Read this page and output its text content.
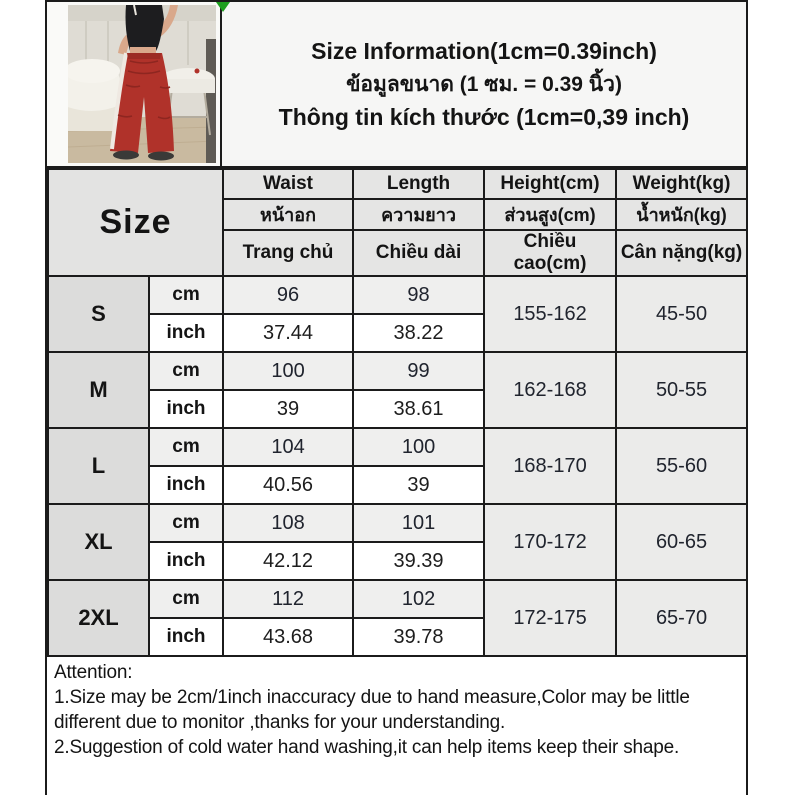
Size Information(1cm=0.39inch)
ข้อมูลขนาด (1 ซม. = 0.39 นิ้ว)
Thông tin kích thước (1cm=0,39 inch)
Size		Waist	Length	Height(cm)	Weight(kg)
		หน้าอก	ความยาว	ส่วนสูง(cm)	น้ำหนัก(kg)
		Trang chủ	Chiều dài	Chiều cao(cm)	Cân nặng(kg)
S	cm	96	98	155-162	45-50
	inch	37.44	38.22		
M	cm	100	99	162-168	50-55
	inch	39	38.61		
L	cm	104	100	168-170	55-60
	inch	40.56	39		
XL	cm	108	101	170-172	60-65
	inch	42.12	39.39		
2XL	cm	112	102	172-175	65-70
	inch	43.68	39.78		

Attention:

1.Size may be 2cm/1inch inaccuracy due to hand measure,Color may be little different due to monitor ,thanks for your understanding.

2.Suggestion of cold water hand washing,it can help items keep their shape.
